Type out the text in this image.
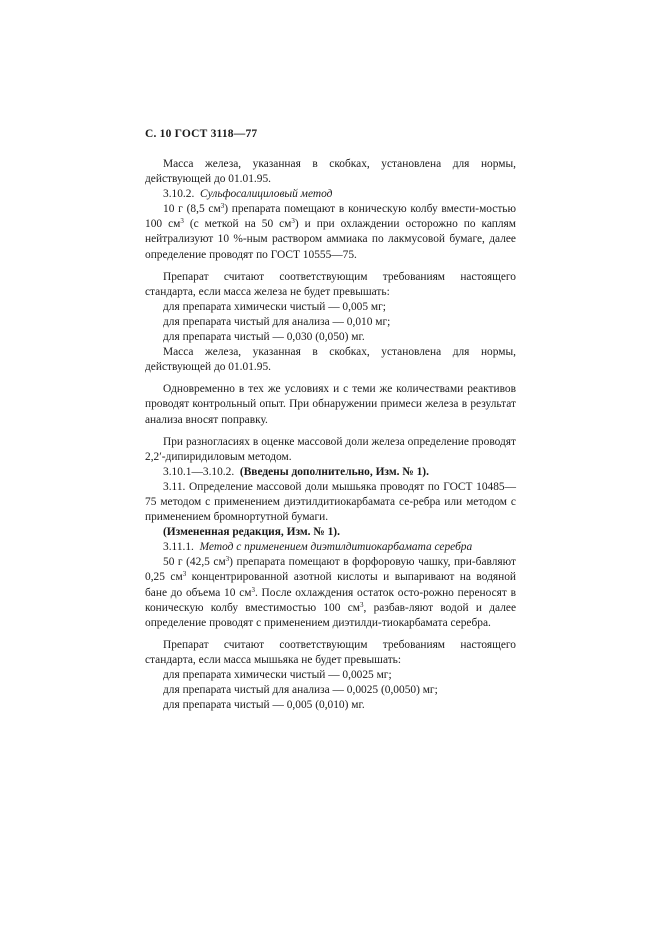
С. 10 ГОСТ 3118—77

Масса железа, указанная в скобках, установлена для нормы, действующей до 01.01.95.

3.10.2. Сульфосалициловый метод

10 г (8,5 $см^3$) препарата помещают в коническую колбу вмести-мостью 100 $см^3$ (с меткой на 50 $см^3$) и при охлаждении осторожно по каплям нейтрализуют 10 %-ным раствором аммиака по лакмусовой бумаге, далее определение проводят по ГОСТ 10555—75.

Препарат считают соответствующим требованиям настоящего стандарта, если масса железа не будет превышать:

для препарата химически чистый — 0,005 мг;

для препарата чистый для анализа — 0,010 мг;

для препарата чистый — 0,030 (0,050) мг.

Масса железа, указанная в скобках, установлена для нормы, действующей до 01.01.95.

Одновременно в тех же условиях и с теми же количествами реактивов проводят контрольный опыт. При обнаружении примеси железа в результат анализа вносят поправку.

При разногласиях в оценке массовой доли железа определение проводят 2,2′-дипиридиловым методом.

3.10.1—3.10.2. (Введены дополнительно, Изм. № 1).

3.11. Определение массовой доли мышьяка проводят по ГОСТ 10485—75 методом с применением диэтилдитиокарбамата се-ребра или методом с применением бромнортутной бумаги.

(Измененная редакция, Изм. № 1).

3.11.1. Метод с применением диэтилдитиокарбамата серебра

50 г (42,5 $см^3$) препарата помещают в форфоровую чашку, при-бавляют 0,25 $см^3$ концентрированной азотной кислоты и выпаривают на водяной бане до объема 10 $см^3$. После охлаждения остаток осто-рожно переносят в коническую колбу вместимостью 100 $см^3$, разбав-ляют водой и далее определение проводят с применением диэтилди-тиокарбамата серебра.

Препарат считают соответствующим требованиям настоящего стандарта, если масса мышьяка не будет превышать:

для препарата химически чистый — 0,0025 мг;

для препарата чистый для анализа — 0,0025 (0,0050) мг;

для препарата чистый — 0,005 (0,010) мг.
